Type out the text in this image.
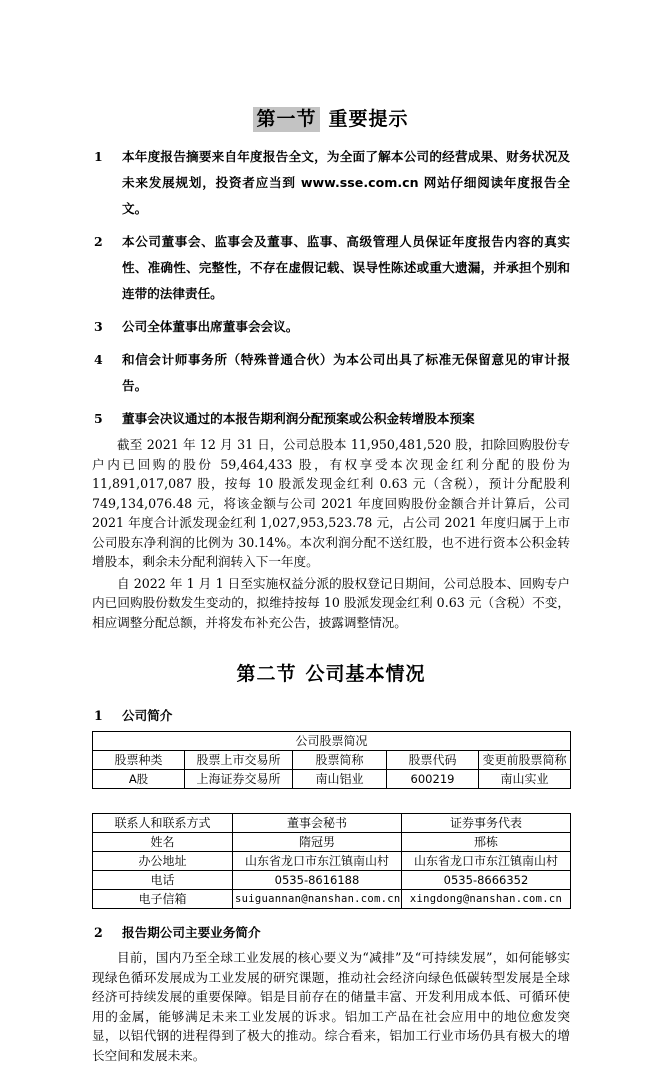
第一节 重要提示
1 本年度报告摘要来自年度报告全文，为全面了解本公司的经营成果、财务状况及未来发展规划，投资者应当到 www.sse.com.cn 网站仔细阅读年度报告全文。
2 本公司董事会、监事会及董事、监事、高级管理人员保证年度报告内容的真实性、准确性、完整性，不存在虚假记载、误导性陈述或重大遗漏，并承担个别和连带的法律责任。
3 公司全体董事出席董事会会议。
4 和信会计师事务所（特殊普通合伙）为本公司出具了标准无保留意见的审计报告。
5 董事会决议通过的本报告期利润分配预案或公积金转增股本预案

截至 2021 年 12 月 31 日，公司总股本 11,950,481,520 股，扣除回购股份专户内已回购的股份 59,464,433 股，有权享受本次现金红利分配的股份为 11,891,017,087 股，按每 10 股派发现金红利 0.63 元（含税），预计分配股利 749,134,076.48 元，将该金额与公司 2021 年度回购股份金额合并计算后，公司 2021 年度合计派发现金红利 1,027,953,523.78 元，占公司 2021 年度归属于上市公司股东净利润的比例为 30.14%。本次利润分配不送红股，也不进行资本公积金转增股本，剩余未分配利润转入下一年度。

自 2022 年 1 月 1 日至实施权益分派的股权登记日期间，公司总股本、回购专户内已回购股份数发生变动的，拟维持按每 10 股派发现金红利 0.63 元（含税）不变，相应调整分配总额，并将发布补充公告，披露调整情况。

第二节 公司基本情况
1 公司简介
公司股票简况				
股票种类	股票上市交易所	股票简称	股票代码	变更前股票简称
A股	上海证券交易所	南山铝业	600219	南山实业
联系人和联系方式	董事会秘书	证券事务代表
姓名	隋冠男	邢栋
办公地址	山东省龙口市东江镇南山村	山东省龙口市东江镇南山村
电话	0535-8616188	0535-8666352
电子信箱	suiguannan@nanshan.com.cn	xingdong@nanshan.com.cn
2 报告期公司主要业务简介

目前，国内乃至全球工业发展的核心要义为“减排”及“可持续发展”，如何能够实现绿色循环发展成为工业发展的研究课题，推动社会经济向绿色低碳转型发展是全球经济可持续发展的重要保障。铝是目前存在的储量丰富、开发利用成本低、可循环使用的金属，能够满足未来工业发展的诉求。铝加工产品在社会应用中的地位愈发突显，以铝代钢的进程得到了极大的推动。综合看来，铝加工行业市场仍具有极大的增长空间和发展未来。
